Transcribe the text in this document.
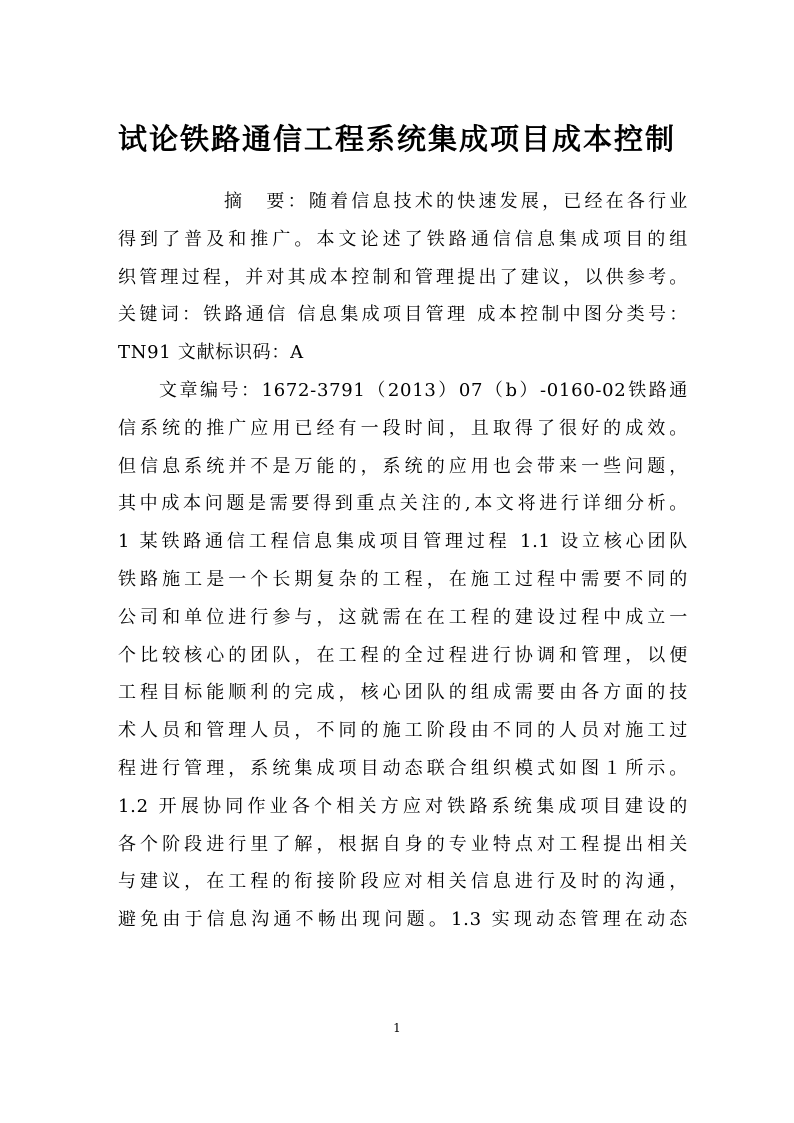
试论铁路通信工程系统集成项目成本控制
　　　　　摘　要：随着信息技术的快速发展，已经在各行业
得到了普及和推广。本文论述了铁路通信信息集成项目的组
织管理过程，并对其成本控制和管理提出了建议，以供参考。
关键词：铁路通信 信息集成项目管理 成本控制中图分类号：
TN91 文献标识码：A
　　文章编号：1672-3791（2013）07（b）-0160-02铁路通
信系统的推广应用已经有一段时间，且取得了很好的成效。
但信息系统并不是万能的，系统的应用也会带来一些问题，
其中成本问题是需要得到重点关注的,本文将进行详细分析。
1 某铁路通信工程信息集成项目管理过程 1.1 设立核心团队
铁路施工是一个长期复杂的工程，在施工过程中需要不同的
公司和单位进行参与，这就需在在工程的建设过程中成立一
个比较核心的团队，在工程的全过程进行协调和管理，以便
工程目标能顺利的完成，核心团队的组成需要由各方面的技
术人员和管理人员，不同的施工阶段由不同的人员对施工过
程进行管理，系统集成项目动态联合组织模式如图１所示。
1.2 开展协同作业各个相关方应对铁路系统集成项目建设的
各个阶段进行里了解，根据自身的专业特点对工程提出相关
与建议，在工程的衔接阶段应对相关信息进行及时的沟通，
避免由于信息沟通不畅出现问题。1.3 实现动态管理在动态
1
